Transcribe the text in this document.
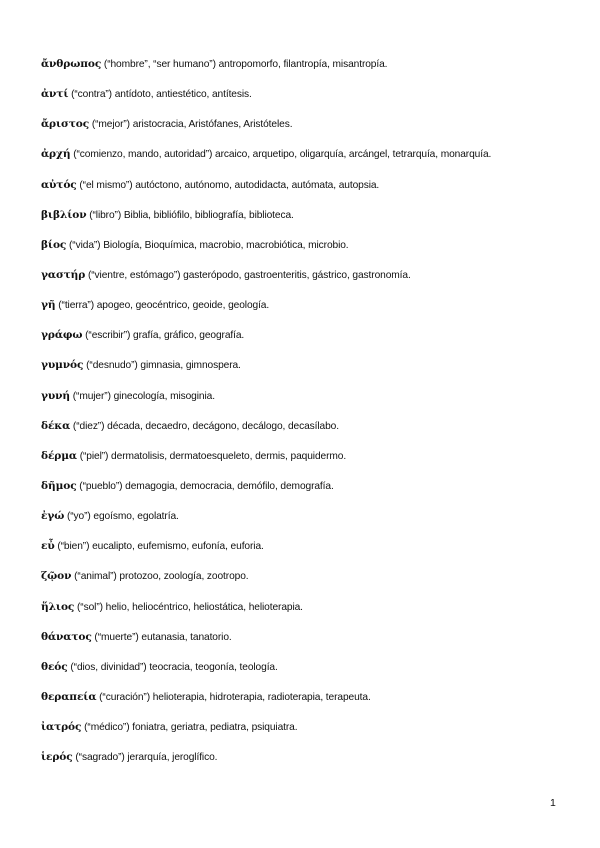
ἄνθρωπος (“hombre”, “ser humano”) antropomorfo, filantropía, misantropía.
ἀντί (“contra”) antídoto, antiestético, antítesis.
ἄριστος (“mejor”) aristocracia, Aristófanes, Aristóteles.
ἀρχή (“comienzo, mando, autoridad”) arcaico, arquetipo, oligarquía, arcángel, tetrarquía, monarquía.
αὐτός (“el mismo”) autóctono, autónomo, autodidacta, autómata, autopsia.
βιβλίον (“libro”) Biblia, bibliófilo, bibliografía, biblioteca.
βίος (“vida”) Biología, Bioquímica, macrobio, macrobiótica, microbio.
γαστήρ (“vientre, estómago”) gasterópodo, gastroenteritis, gástrico, gastronomía.
γῆ (“tierra”) apogeo, geocéntrico, geoide, geología.
γράφω (“escribir”) grafía, gráfico, geografía.
γυμνός (“desnudo”) gimnasia, gimnospera.
γυνή (“mujer”) ginecología, misoginia.
δέκα (“diez”) década, decaedro, decágono, decálogo, decasílabo.
δέρμα (“piel”) dermatolisis, dermatoesqueleto, dermis, paquidermo.
δῆμος (“pueblo”) demagogia, democracia, demófilo, demografía.
ἐγώ (“yo”) egoísmo, egolatría.
εὖ (“bien”) eucalipto, eufemismo, eufonía, euforia.
ζῷον (“animal”) protozoo, zoología, zootropo.
ἥλιος (“sol”) helio, heliocéntrico, heliostática, helioterapia.
θάνατος (“muerte”) eutanasia, tanatorio.
θεός (“dios, divinidad”) teocracia, teogonía, teología.
θεραπεία (“curación”) helioterapia, hidroterapia, radioterapia, terapeuta.
ἰατρός (“médico”) foniatra, geriatra, pediatra, psiquiatra.
ἱερός (“sagrado”) jerarquía, jeroglífico.
1
